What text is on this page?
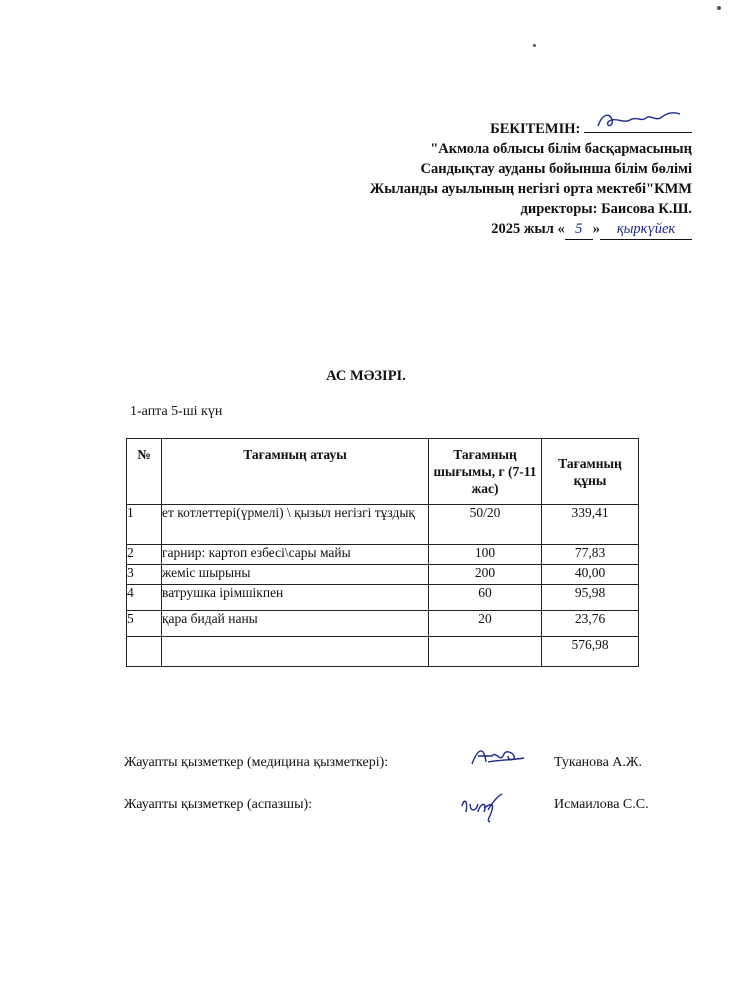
БЕКІТЕМІН:
"Акмола облысы білім басқармасының
Сандықтау ауданы бойынша білім бөлімі
Жыланды ауылының негізгі орта мектебі"КММ
директоры: Баисова К.Ш.
2025 жыл « 5 » қыркүйек
АС МӘЗІРІ.
1-апта 5-ші күн
№	Тағамның атауы	Тағамның шығымы, г (7-11 жас)	Тағамның құны
1	ет котлеттері(үрмелі) \ қызыл негізгі тұздық	50/20	339,41
2	гарнир: картоп езбесі\сары майы	100	77,83
3	жеміс шырыны	200	40,00
4	ватрушка ірімшікпен	60	95,98
5	қара бидай наны	20	23,76
			576,98
Жауапты қызметкер (медицина қызметкері):	Туканова А.Ж.
Жауапты қызметкер (аспазшы):	Исмаилова С.С.
